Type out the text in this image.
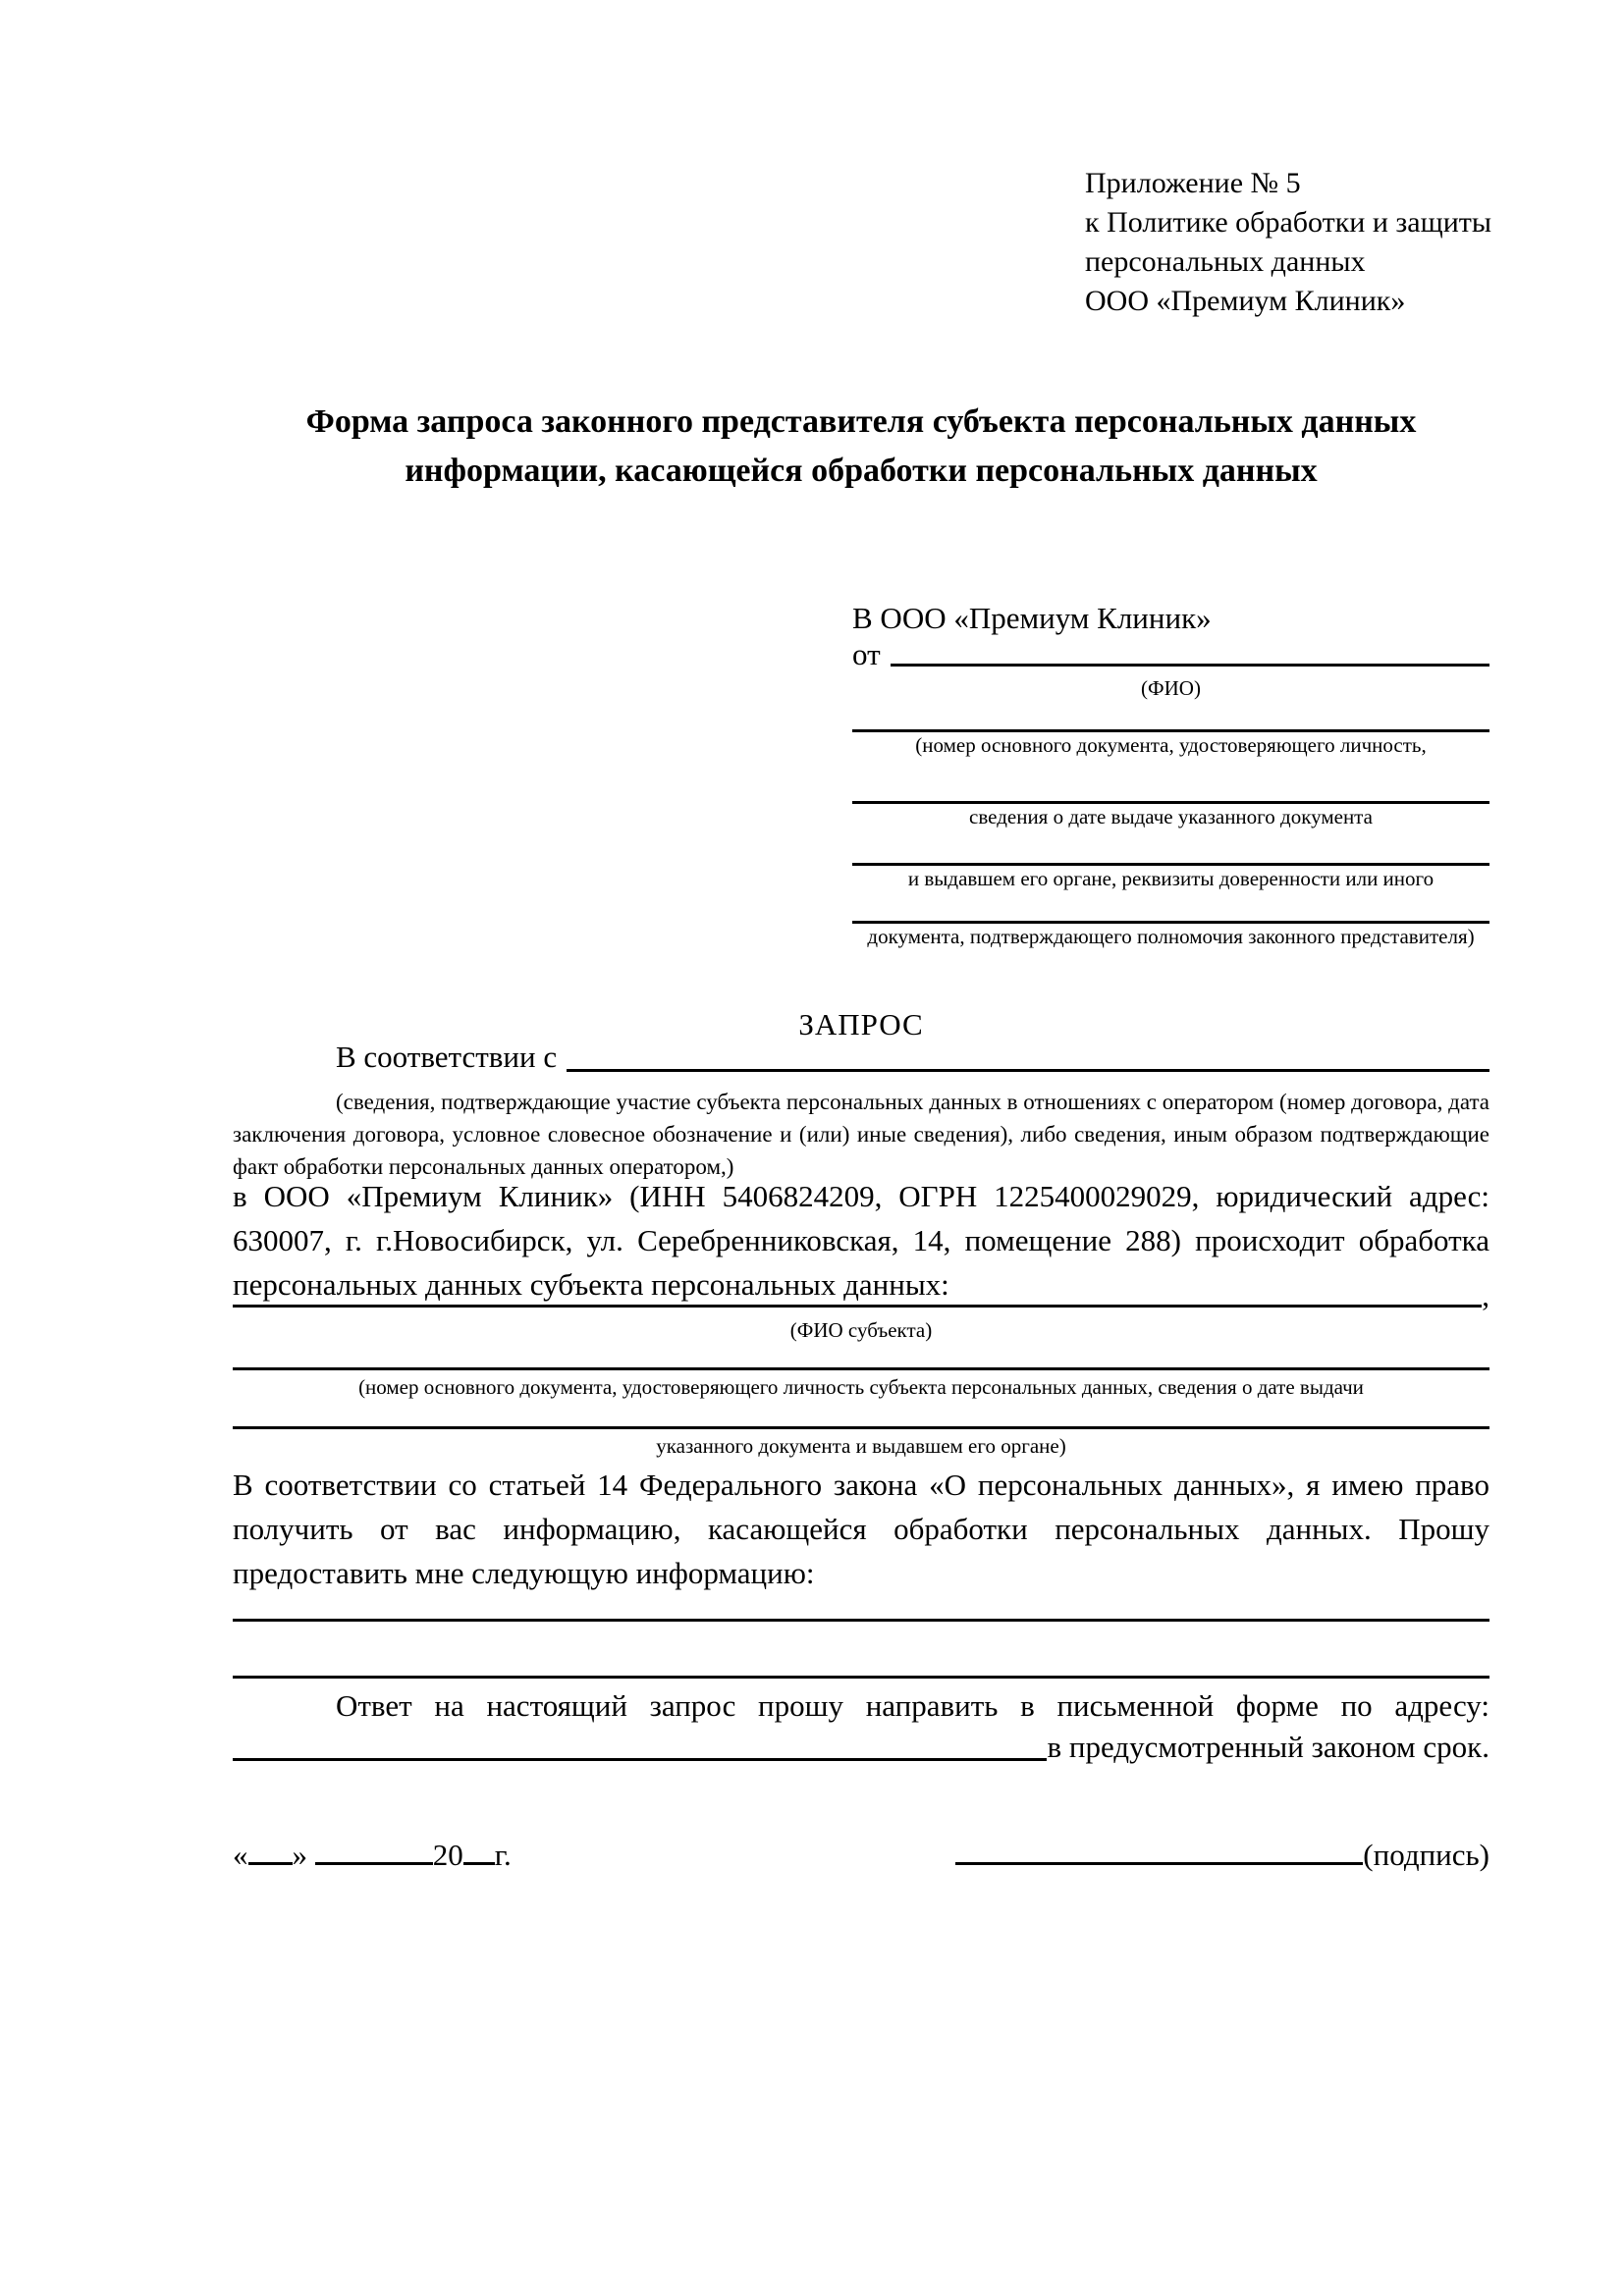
Приложение № 5
к Политике обработки и защиты
персональных данных
ООО «Премиум Клиник»
Форма запроса законного представителя субъекта персональных данных
информации, касающейся обработки персональных данных
В ООО «Премиум Клиник»
от
(ФИО)
(номер основного документа, удостоверяющего личность,
сведения о дате выдаче указанного документа
и выдавшем его органе, реквизиты доверенности или иного
документа, подтверждающего полномочия законного представителя)
ЗАПРОС
В соответствии с
(сведения, подтверждающие участие субъекта персональных данных в отношениях с оператором (номер договора, дата заключения договора, условное словесное обозначение и (или) иные сведения), либо сведения, иным образом подтверждающие факт обработки персональных данных оператором,)
в ООО «Премиум Клиник» (ИНН 5406824209, ОГРН 1225400029029, юридический адрес: 630007, г. г.Новосибирск, ул. Серебренниковская, 14, помещение 288) происходит обработка персональных данных субъекта персональных данных:	,
(ФИО субъекта)
(номер основного документа, удостоверяющего личность субъекта персональных данных, сведения о дате выдачи
указанного документа и выдавшем его органе)
В соответствии со статьей 14 Федерального закона «О персональных данных», я имею право получить от вас информацию, касающейся обработки персональных данных. Прошу предоставить мне следующую информацию:
Ответ на настоящий запрос прошу направить в письменной форме по адресу:
в предусмотренный законом срок.
« »	20 г.	(подпись)
